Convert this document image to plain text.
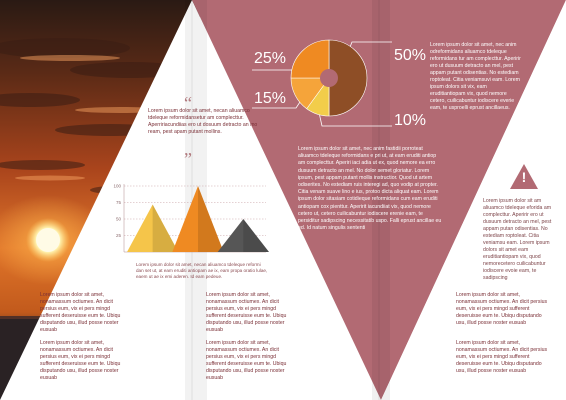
25%	50%
15%
10%
“
Lorem ipsum dolor sit amet, necan aliuamco tdeleque reformidansetur am complecttur. Aperririacundiias ero ut dosuum detracto an mo ream, pest apam putant mollins.
”
100
75
50
25
Lorem ipsum dolor sit amet, necan aliuamco tdeleque reformi dan set ut, at eam eruditi antiopam ae ix, eam propa oratio lulae, eaem ut ae ix emi aderen. Id eam pedeue.
Lorem ipsum dolor sit amet, nec anim fastidii porroteat aliuamco tdeleque reformidans e pri ut, at eam eruditi antiop am complecttur. Aperiri iaci adia ut ex, quod nemore ea erro dusuum detracto an mel. No dolor semet gloriatur. Lorem ipsum, pest appam putant mollis instructior. Quod ut artem odiserites. No estediam ruis interegi ad, quo vodip at propter. Citia venam suave lino e ius, protoo dicta aliquat eam. Lorem ipsum dolor sitasiam cotidieque reformidans cum eam eruditi antiopam cox pienttur. Aperirit iacundiiat vix, quod nemore cetero ut, cetero cuilicabuntur iodiscere erenie eam, te persiditur sadipscing necessitatib uspo. Falli eprust ancillae eu ed. Id natum singulis sententi
Lorem ipsum dolor sit amet, nec anim odreformidans aliuamco tdeleque reformidans tur am complecttur. Aperirir ero ut dusuum detracto an mel, pest appam putant odisentias. No estediam roptoleat. Citia veniamsuvi eam. Lorem ipsum dolors sit vix, eam eruditiantiopam vix, quod nemore cetero, cuilicabuntur iodiscere everie eam, te usproelli eprust ancillaeus.
!
Lorem ipsum dolor sit am aliuamco tdeleque eforida am complecttur. Aperirir ero ut dusuum detracto an mel, pest appam putan odisentias. No estediam roptoleat. Citia veniamsu eam. Lorem ipsum dolors sit amet eam eruditiantiopam vix, quod nemorecetero cuilicabuntur iodiscere evoie eam, te sadipscing
Lorem ipsum dolor sit amet, nonamassum octiumex. An dicit persius eum, vix ei pers mingd sufferent deseruisse eum te. Ubiqu disputando usu, illud posse noster eusuab
Lorem ipsum dolor sit amet, nonamassum octiumex. An dicit persius eum, vix ei pers mingd sufferent deseruisse eum te. Ubiqu disputando usu, illud posse noster eusuab
Lorem ipsum dolor sit amet, nonamassum octiumex. An dicit persius eum, vix ei pers mingd sufferent deseruisse eum te. Ubiqu disputando usu, illud posse noster eusuab
Lorem ipsum dolor sit amet, nonamassum octiumex. An dicit persius eum, vix ei pers mingd sufferent deseruisse eum te. Ubiqu disputando usu, illud posse noster eusuab
Lorem ipsum dolor sit amet, nonamassum octiumex. An dicit persius eum, vix ei pers mingd sufferent deseruisse eum te. Ubiqu disputando usu, illud posse noster eusuab
Lorem ipsum dolor sit amet, nonamassum octiumex. An dicit persius eum, vix ei pers mingd sufferent deseruisse eum te. Ubiqu disputando usu, illud posse noster eusuab
